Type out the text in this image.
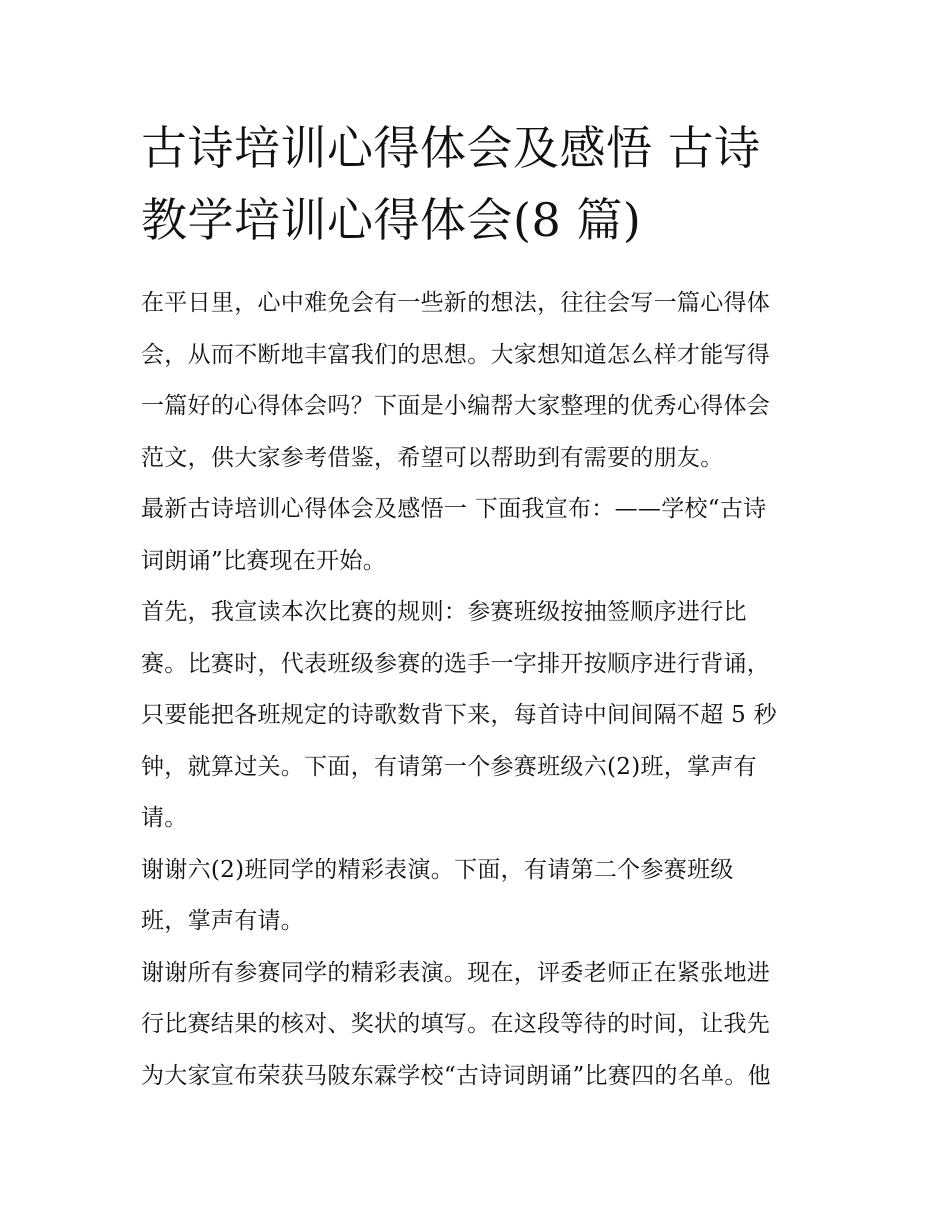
古诗培训心得体会及感悟 古诗
教学培训心得体会(8 篇)
在平日里，心中难免会有一些新的想法，往往会写一篇心得体
会，从而不断地丰富我们的思想。大家想知道怎么样才能写得
一篇好的心得体会吗？下面是小编帮大家整理的优秀心得体会
范文，供大家参考借鉴，希望可以帮助到有需要的朋友。
最新古诗培训心得体会及感悟一 下面我宣布：——学校“古诗
词朗诵”比赛现在开始。
首先，我宣读本次比赛的规则：参赛班级按抽签顺序进行比
赛。比赛时，代表班级参赛的选手一字排开按顺序进行背诵，
只要能把各班规定的诗歌数背下来，每首诗中间间隔不超 5 秒
钟，就算过关。下面，有请第一个参赛班级六(2)班，掌声有
请。
谢谢六(2)班同学的精彩表演。下面，有请第二个参赛班级
班，掌声有请。
谢谢所有参赛同学的精彩表演。现在，评委老师正在紧张地进
行比赛结果的核对、奖状的填写。在这段等待的时间，让我先
为大家宣布荣获马陂东霖学校“古诗词朗诵”比赛四的名单。他
